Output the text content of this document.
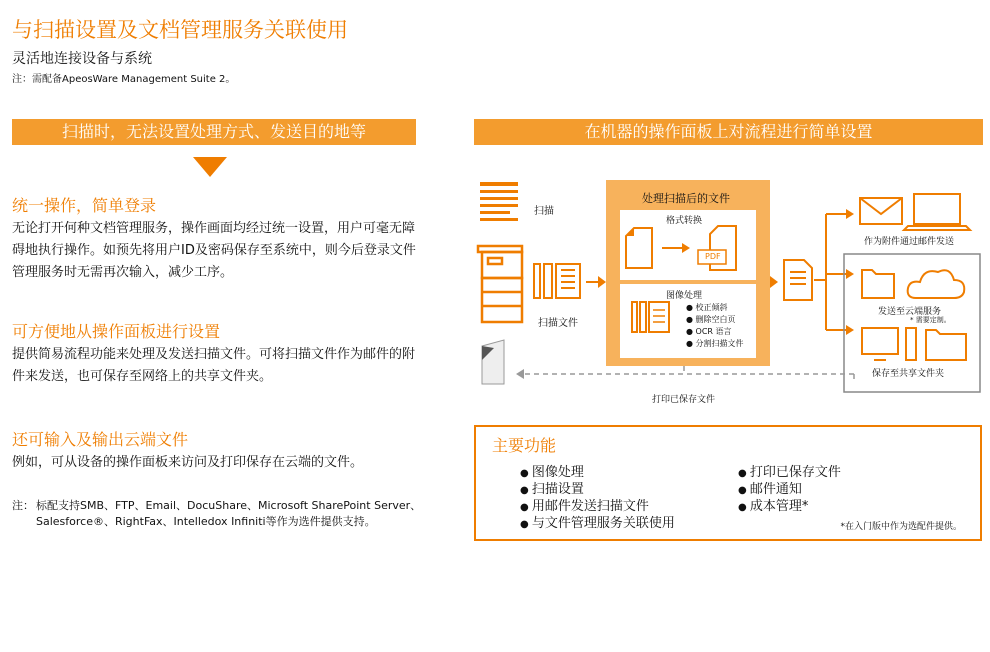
与扫描设置及文档管理服务关联使用
灵活地连接设备与系统
注：需配备ApeosWare Management Suite 2。
扫描时，无法设置处理方式、发送目的地等
统一操作，简单登录
无论打开何种文档管理服务，操作画面均经过统一设置，用户可毫无障碍地执行操作。如预先将用户ID及密码保存至系统中，则今后登录文件管理服务时无需再次输入，减少工序。
可方便地从操作面板进行设置
提供简易流程功能来处理及发送扫描文件。可将扫描文件作为邮件的附件来发送，也可保存至网络上的共享文件夹。
还可输入及输出云端文件
例如，可从设备的操作面板来访问及打印保存在云端的文件。
注： 标配支持SMB、FTP、Email、DocuShare、Microsoft SharePoint Server、Salesforce®、RightFax、Intelledox Infiniti等作为选件提供支持。
在机器的操作面板上对流程进行简单设置
扫描
扫描文件
处理扫描后的文件
格式转换
PDF
图像处理
● 校正倾斜
● 删除空白页
● OCR 语言
● 分割扫描文件
作为附件通过邮件发送
发送至云端服务
* 需要定制。
保存至共享文件夹
打印已保存文件
主要功能
● 图像处理
● 扫描设置
● 用邮件发送扫描文件
● 与文件管理服务关联使用
● 打印已保存文件
● 邮件通知
● 成本管理*
*在入门版中作为选配件提供。
